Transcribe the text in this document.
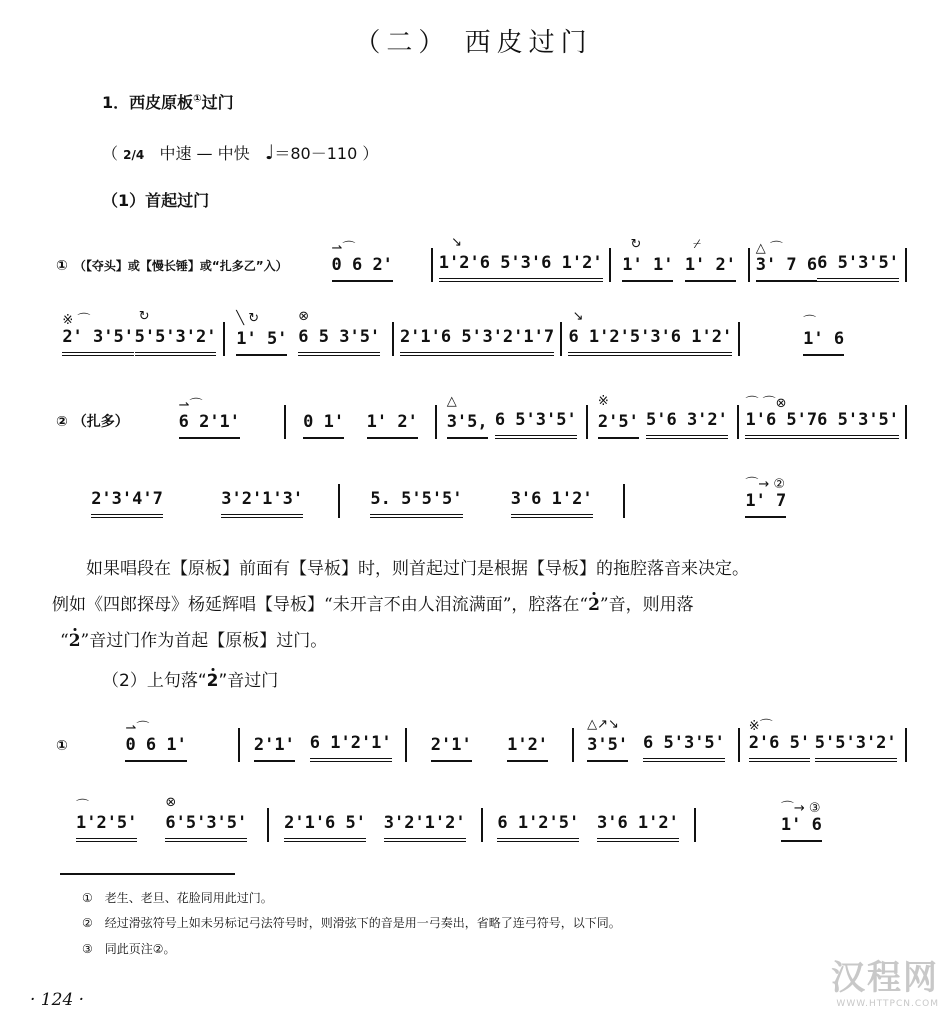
（二） 西皮过门
1．西皮原板①过门
（ 2/4 中速 — 中快 ♩＝80－110 ）
（1）首起过门
① （【夺头】或【慢长锤】或“扎多乙”入）	0 6 2'
⇀⌒
1'2'6 5'
↘
3'6 1'2' 1' 1'
↻
1' 2'
⌿
3' 7 6
△ ⌒
6 5'3'5'
2' 3'5'
※ ⌒
5'5'3'2'
↻
1' 5'
╲ ↻
6 5 3'5'
⊗
2'1'6 5' 3'2'1'7 6 1'2'5'
↘
3'6 1'2'	1' 6
⌒
② （扎多）	6 2'1'
⇀⌒
0 1' 1' 2' 3'5,
△
6 5'3'5' 2'5'
※
5'6 3'2' 1'6 5'7
⌒ ⌒⊗
6 5'3'5'
2'3'4'7	3'2'1'3'	5. 5'5'5'	3'6 1'2'	1' 7
⌒→ ②
①	0 6 1'
⇀⌒
2'1' 6 1'2'1' 2'1' 1'2' 3'5'
△↗↘
6 5'3'5' 2'6 5'
※⌒
5'5'3'2'
1'2'5'
⌒
6'5'3'5'
⊗
2'1'6 5' 3'2'1'2' 6 1'2'5' 3'6 1'2'	1' 6
⌒→ ③
如果唱段在【原板】前面有【导板】时，则首起过门是根据【导板】的拖腔落音来决定。
例如《四郎探母》杨延辉唱【导板】“未开言不由人泪流满面”，腔落在“2”音，则用落
“2”音过门作为首起【原板】过门。
（2）上句落“2”音过门
①　老生、老旦、花脸同用此过门。
②　经过滑弦符号上如未另标记弓法符号时，则滑弦下的音是用一弓奏出，省略了连弓符号，以下同。
③　同此页注②。
· 124 ·
汉程网
WWW.HTTPCN.COM
